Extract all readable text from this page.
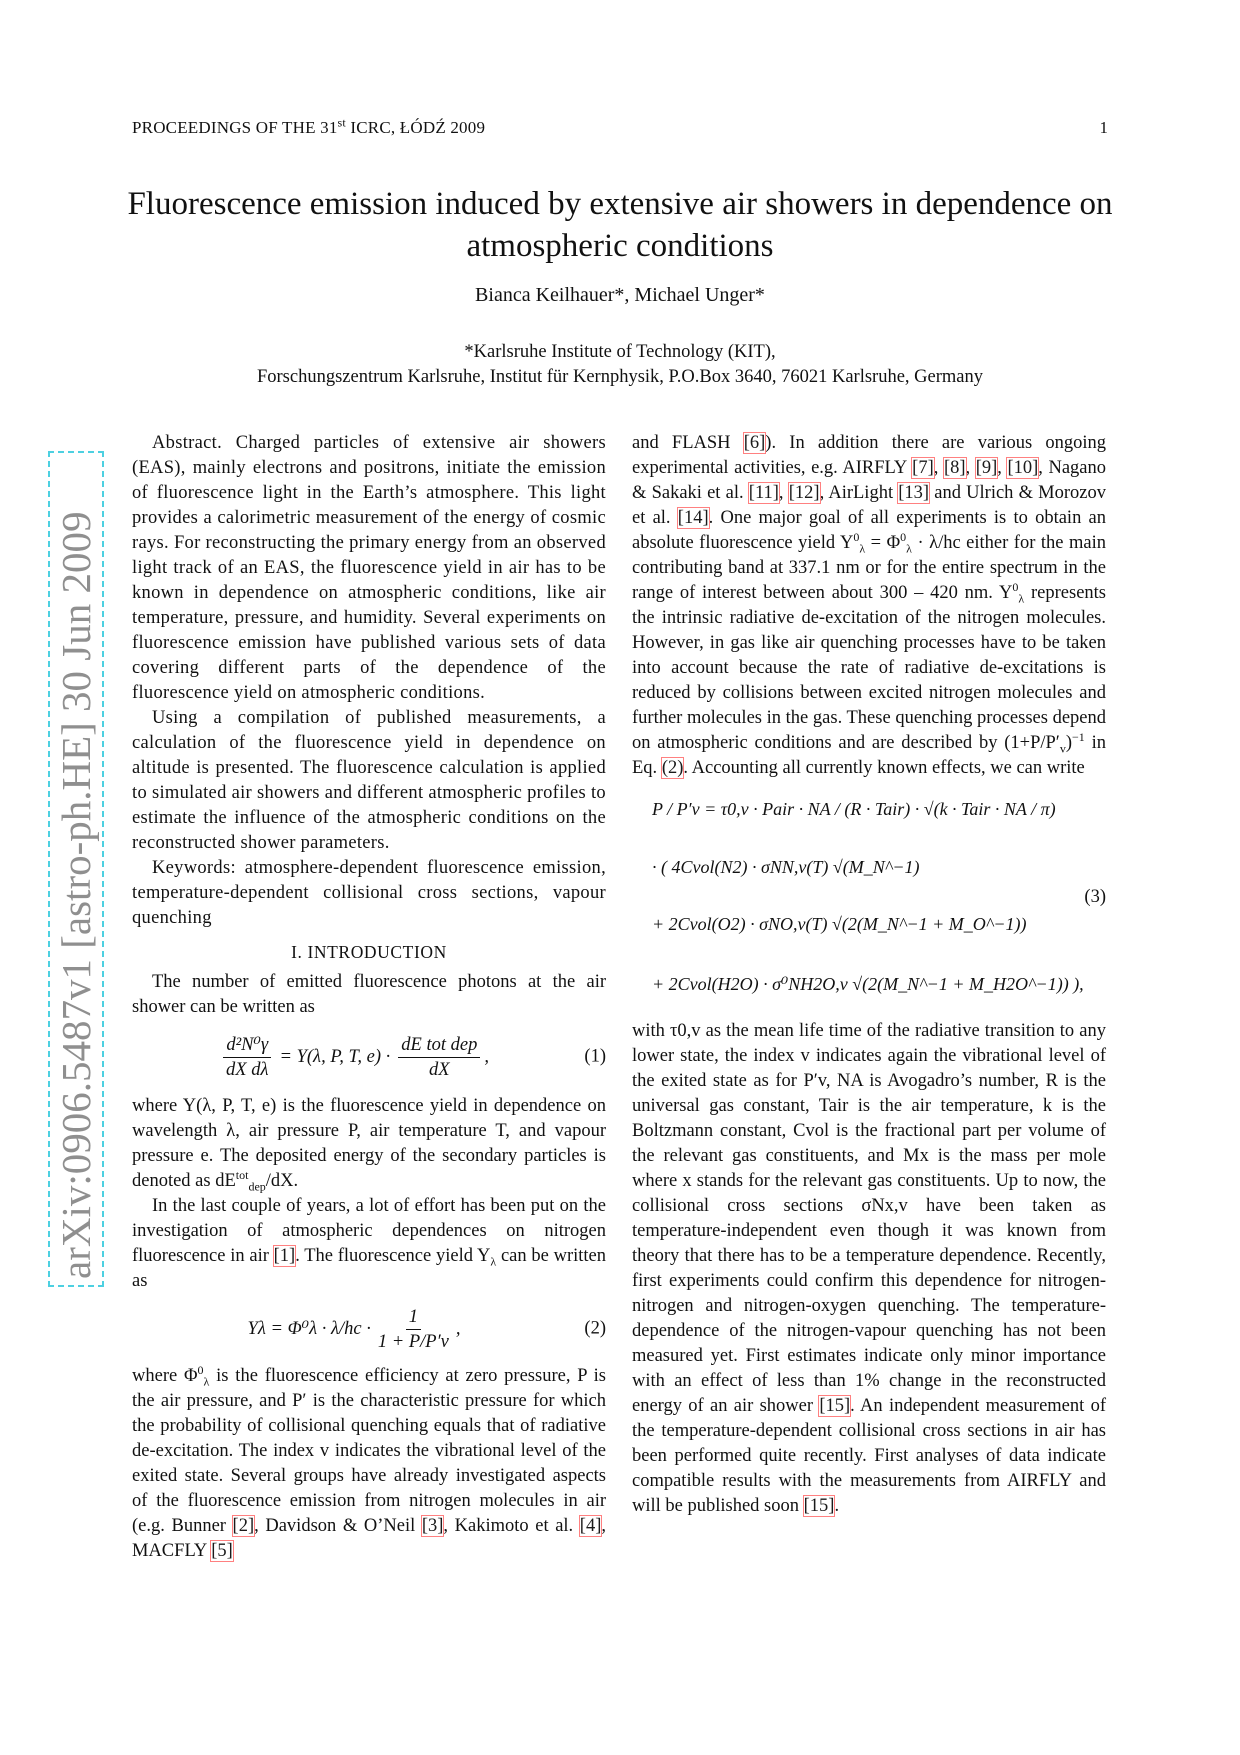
PROCEEDINGS OF THE 31st ICRC, ŁÓDŹ 2009	1
Fluorescence emission induced by extensive air showers in dependence on atmospheric conditions
Bianca Keilhauer*, Michael Unger*
*Karlsruhe Institute of Technology (KIT),
Forschungszentrum Karlsruhe, Institut für Kernphysik, P.O.Box 3640, 76021 Karlsruhe, Germany
arXiv:0906.5487v1 [astro-ph.HE] 30 Jun 2009

Abstract. Charged particles of extensive air showers (EAS), mainly electrons and positrons, initiate the emission of fluorescence light in the Earth’s atmosphere. This light provides a calorimetric measurement of the energy of cosmic rays. For reconstructing the primary energy from an observed light track of an EAS, the fluorescence yield in air has to be known in dependence on atmospheric conditions, like air temperature, pressure, and humidity. Several experiments on fluorescence emission have published various sets of data covering different parts of the dependence of the fluorescence yield on atmospheric conditions.

Using a compilation of published measurements, a calculation of the fluorescence yield in dependence on altitude is presented. The fluorescence calculation is applied to simulated air showers and different atmospheric profiles to estimate the influence of the atmospheric conditions on the reconstructed shower parameters.

Keywords: atmosphere-dependent fluorescence emission, temperature-dependent collisional cross sections, vapour quenching

I. INTRODUCTION

The number of emitted fluorescence photons at the air shower can be written as

$\frac{\text{d²N⁰γ}}{\text{dX dλ}} = Y(\lambda$, P, T, $e) \cdot \frac{\text{dE tot dep}}{dX}$ ,	(1)

where Y(λ, P, T, e) is the fluorescence yield in dependence on wavelength λ, air pressure P, air temperature T, and vapour pressure e. The deposited energy of the secondary particles is denoted as $dE^{tot}_{dep}/dX$.

In the last couple of years, a lot of effort has been put on the investigation of atmospheric dependences on nitrogen fluorescence in air [1]. The fluorescence yield $Y_\lambda$ can be written as

$Y\lambda = \Phi^0\lambda \cdot \lambda/hc \cdot \frac{1}{1 + P/P'v}$ ,	(2)

where $\Phi^0_\lambda$ is the fluorescence efficiency at zero pressure, P is the air pressure, and P′ is the characteristic pressure for which the probability of collisional quenching equals that of radiative de-excitation. The index v indicates the vibrational level of the exited state. Several groups have already investigated aspects of the fluorescence emission from nitrogen molecules in air (e.g. Bunner [2], Davidson & O’Neil [3], Kakimoto et al. [4], MACFLY [5]

and FLASH [6]). In addition there are various ongoing experimental activities, e.g. AIRFLY [7], [8], [9], [10], Nagano & Sakaki et al. [11], [12], AirLight [13] and Ulrich & Morozov et al. [14]. One major goal of all experiments is to obtain an absolute fluorescence yield $Y^0_\lambda = \Phi^0_\lambda \cdot \lambda/hc$ either for the main contributing band at 337.1 nm or for the entire spectrum in the range of interest between about 300 – 420 nm. $Y^0_\lambda$ represents the intrinsic radiative de-excitation of the nitrogen molecules. However, in gas like air quenching processes have to be taken into account because the rate of radiative de-excitations is reduced by collisions between excited nitrogen molecules and further molecules in the gas. These quenching processes depend on atmospheric conditions and are described by $(1+P/P'_v)^{-1}$ in Eq. (2). Accounting all currently known effects, we can write

P / P′v = τ0,v · Pair · NA / (R · Tair) · √(k · Tair · NA / π)
· ( 4Cvol(N2) · σNN,v(T) √(M_N^−1)
+ 2Cvol(O2) · σNO,v(T) √(2(M_N^−1 + M_O^−1))
+ 2Cvol(H2O) · σ⁰NH2O,v √(2(M_N^−1 + M_H2O^−1)) ),
(3)

with τ0,v as the mean life time of the radiative transition to any lower state, the index v indicates again the vibrational level of the exited state as for P′v, NA is Avogadro’s number, R is the universal gas constant, Tair is the air temperature, k is the Boltzmann constant, Cvol is the fractional part per volume of the relevant gas constituents, and Mx is the mass per mole where x stands for the relevant gas constituents. Up to now, the collisional cross sections σNx,v have been taken as temperature-independent even though it was known from theory that there has to be a temperature dependence. Recently, first experiments could confirm this dependence for nitrogen-nitrogen and nitrogen-oxygen quenching. The temperature-dependence of the nitrogen-vapour quenching has not been measured yet. First estimates indicate only minor importance with an effect of less than 1% change in the reconstructed energy of an air shower [15]. An independent measurement of the temperature-dependent collisional cross sections in air has been performed quite recently. First analyses of data indicate compatible results with the measurements from AIRFLY and will be published soon [15].
